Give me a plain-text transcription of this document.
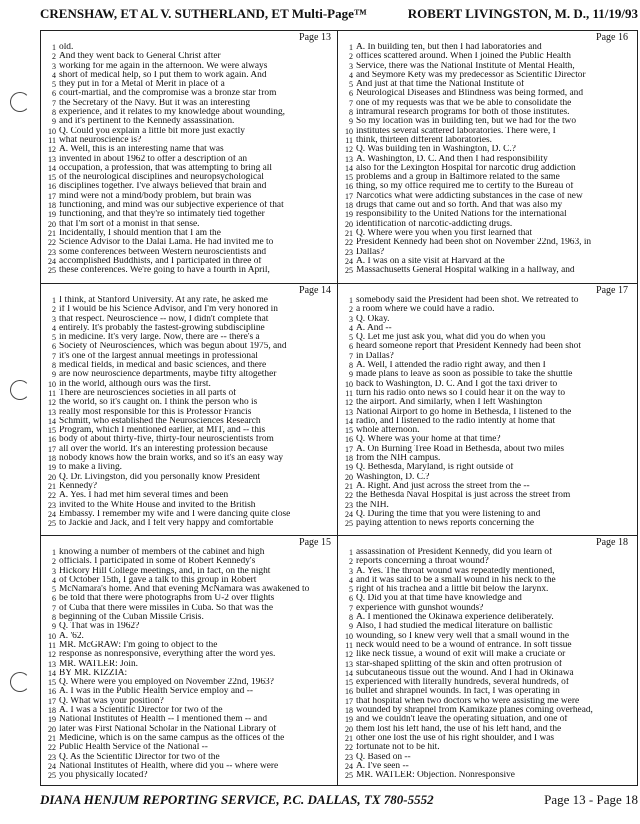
CRENSHAW, ET AL V. SUTHERLAND, ET Multi-Page™	ROBERT LIVINGSTON, M. D., 11/19/93
Page 13
1 old.
2 And they went back to General Christ after
3 working for me again in the afternoon. We were always
4 short of medical help, so I put them to work again. And
5 they put in for a Metal of Merit in place of a
6 court-martial, and the compromise was a bronze star from
7 the Secretary of the Navy. But it was an interesting
8 experience, and it relates to my knowledge about wounding,
9 and it's pertinent to the Kennedy assassination.
10 Q. Could you explain a little bit more just exactly
11 what neuroscience is?
12 A. Well, this is an interesting name that was
13 invented in about 1962 to offer a description of an
14 occupation, a profession, that was attempting to bring all
15 of the neurological disciplines and neuropsychological
16 disciplines together. I've always believed that brain and
17 mind were not a mind/body problem, but brain was
18 functioning, and mind was our subjective experience of that
19 functioning, and that they're so intimately tied together
20 that I'm sort of a monist in that sense.
21 Incidentally, I should mention that I am the
22 Science Advisor to the Dalai Lama. He had invited me to
23 some conferences between Western neuroscientists and
24 accomplished Buddhists, and I participated in three of
25 these conferences. We're going to have a fourth in April,
Page 16
1 A. In building ten, but then I had laboratories and
2 offices scattered around. When I joined the Public Health
3 Service, there was the National Institute of Mental Health,
4 and Seymore Kety was my predecessor as Scientific Director
5 And just at that time the National Institute of
6 Neurological Diseases and Blindness was being formed, and
7 one of my requests was that we be able to consolidate the
8 intramural research programs for both of those institutes.
9 So my location was in building ten, but we had for the two
10 institutes several scattered laboratories. There were, I
11 think, thirteen different laboratories.
12 Q. Was building ten in Washington, D. C.?
13 A. Washington, D. C. And then I had responsibility
14 also for the Lexington Hospital for narcotic drug addiction
15 problems and a group in Baltimore related to the same
16 thing, so my office required me to certify to the Bureau of
17 Narcotics what were addicting substances in the case of new
18 drugs that came out and so forth. And that was also my
19 responsibility to the United Nations for the international
20 identification of narcotic-addicting drugs.
21 Q. Where were you when you first learned that
22 President Kennedy had been shot on November 22nd, 1963, in
23 Dallas?
24 A. I was on a site visit at Harvard at the
25 Massachusetts General Hospital walking in a hallway, and
Page 14
1 I think, at Stanford University. At any rate, he asked me
2 if I would be his Science Advisor, and I'm very honored in
3 that respect. Neuroscience -- now, I didn't complete that
4 entirely. It's probably the fastest-growing subdiscipline
5 in medicine. It's very large. Now, there are -- there's a
6 Society of Neurosciences, which was begun about 1975, and
7 it's one of the largest annual meetings in professional
8 medical fields, in medical and basic sciences, and there
9 are now neuroscience departments, maybe fifty altogether
10 in the world, although ours was the first.
11 There are neurosciences societies in all parts of
12 the world, so it's caught on. I think the person who is
13 really most responsible for this is Professor Francis
14 Schmitt, who established the Neurosciences Research
15 Program, which I mentioned earlier, at MIT, and -- this
16 body of about thirty-five, thirty-four neuroscientists from
17 all over the world. It's an interesting profession because
18 nobody knows how the brain works, and so it's an easy way
19 to make a living.
20 Q. Dr. Livingston, did you personally know President
21 Kennedy?
22 A. Yes. I had met him several times and been
23 invited to the White House and invited to the British
24 Embassy. I remember my wife and I were dancing quite close
25 to Jackie and Jack, and I felt very happy and comfortable
Page 17
1 somebody said the President had been shot. We retreated to
2 a room where we could have a radio.
3 Q. Okay.
4 A. And --
5 Q. Let me just ask you, what did you do when you
6 heard someone report that President Kennedy had been shot
7 in Dallas?
8 A. Well, I attended the radio right away, and then I
9 made plans to leave as soon as possible to take the shuttle
10 back to Washington, D. C. And I got the taxi driver to
11 turn his radio onto news so I could hear it on the way to
12 the airport. And similarly, when I left Washington
13 National Airport to go home in Bethesda, I listened to the
14 radio, and I listened to the radio intently at home that
15 whole afternoon.
16 Q. Where was your home at that time?
17 A. On Burning Tree Road in Bethesda, about two miles
18 from the NIH campus.
19 Q. Bethesda, Maryland, is right outside of
20 Washington, D. C.?
21 A. Right. And just across the street from the --
22 the Bethesda Naval Hospital is just across the street from
23 the NIH.
24 Q. During the time that you were listening to and
25 paying attention to news reports concerning the
Page 15
1 knowing a number of members of the cabinet and high
2 officials. I participated in some of Robert Kennedy's
3 Hickory Hill College meetings, and, in fact, on the night
4 of October 15th, I gave a talk to this group in Robert
5 McNamara's home. And that evening McNamara was awakened to
6 be told that there were photographs from U-2 over flights
7 of Cuba that there were missiles in Cuba. So that was the
8 beginning of the Cuban Missile Crisis.
9 Q. That was in 1962?
10 A. '62.
11 MR. McGRAW: I'm going to object to the
12 response as nonresponsive, everything after the word yes.
13 MR. WATLER: Join.
14 BY MR. KIZZIA:
15 Q. Where were you employed on November 22nd, 1963?
16 A. I was in the Public Health Service employ and --
17 Q. What was your position?
18 A. I was a Scientific Director for two of the
19 National Institutes of Health -- I mentioned them -- and
20 later was First National Scholar in the National Library of
21 Medicine, which is on the same campus as the offices of the
22 Public Health Service of the National --
23 Q. As the Scientific Director for two of the
24 National Institutes of Health, where did you -- where were
25 you physically located?
Page 18
1 assassination of President Kennedy, did you learn of
2 reports concerning a throat wound?
3 A. Yes. The throat wound was repeatedly mentioned,
4 and it was said to be a small wound in his neck to the
5 right of his trachea and a little bit below the larynx.
6 Q. Did you at that time have knowledge and
7 experience with gunshot wounds?
8 A. I mentioned the Okinawa experience deliberately.
9 Also, I had studied the medical literature on ballistic
10 wounding, so I knew very well that a small wound in the
11 neck would need to be a wound of entrance. In soft tissue
12 like neck tissue, a wound of exit will make a cruciate or
13 star-shaped splitting of the skin and often protrusion of
14 subcutaneous tissue out the wound. And I had in Okinawa
15 experienced with literally hundreds, several hundreds, of
16 bullet and shrapnel wounds. In fact, I was operating in
17 that hospital when two doctors who were assisting me were
18 wounded by shrapnel from Kamikaze planes coming overhead,
19 and we couldn't leave the operating situation, and one of
20 them lost his left hand, the use of his left hand, and the
21 other one lost the use of his right shoulder, and I was
22 fortunate not to be hit.
23 Q. Based on --
24 A. I've seen --
25 MR. WATLER: Objection. Nonresponsive
DIANA HENJUM REPORTING SERVICE, P.C. DALLAS, TX 780-5552	Page 13 - Page 18
